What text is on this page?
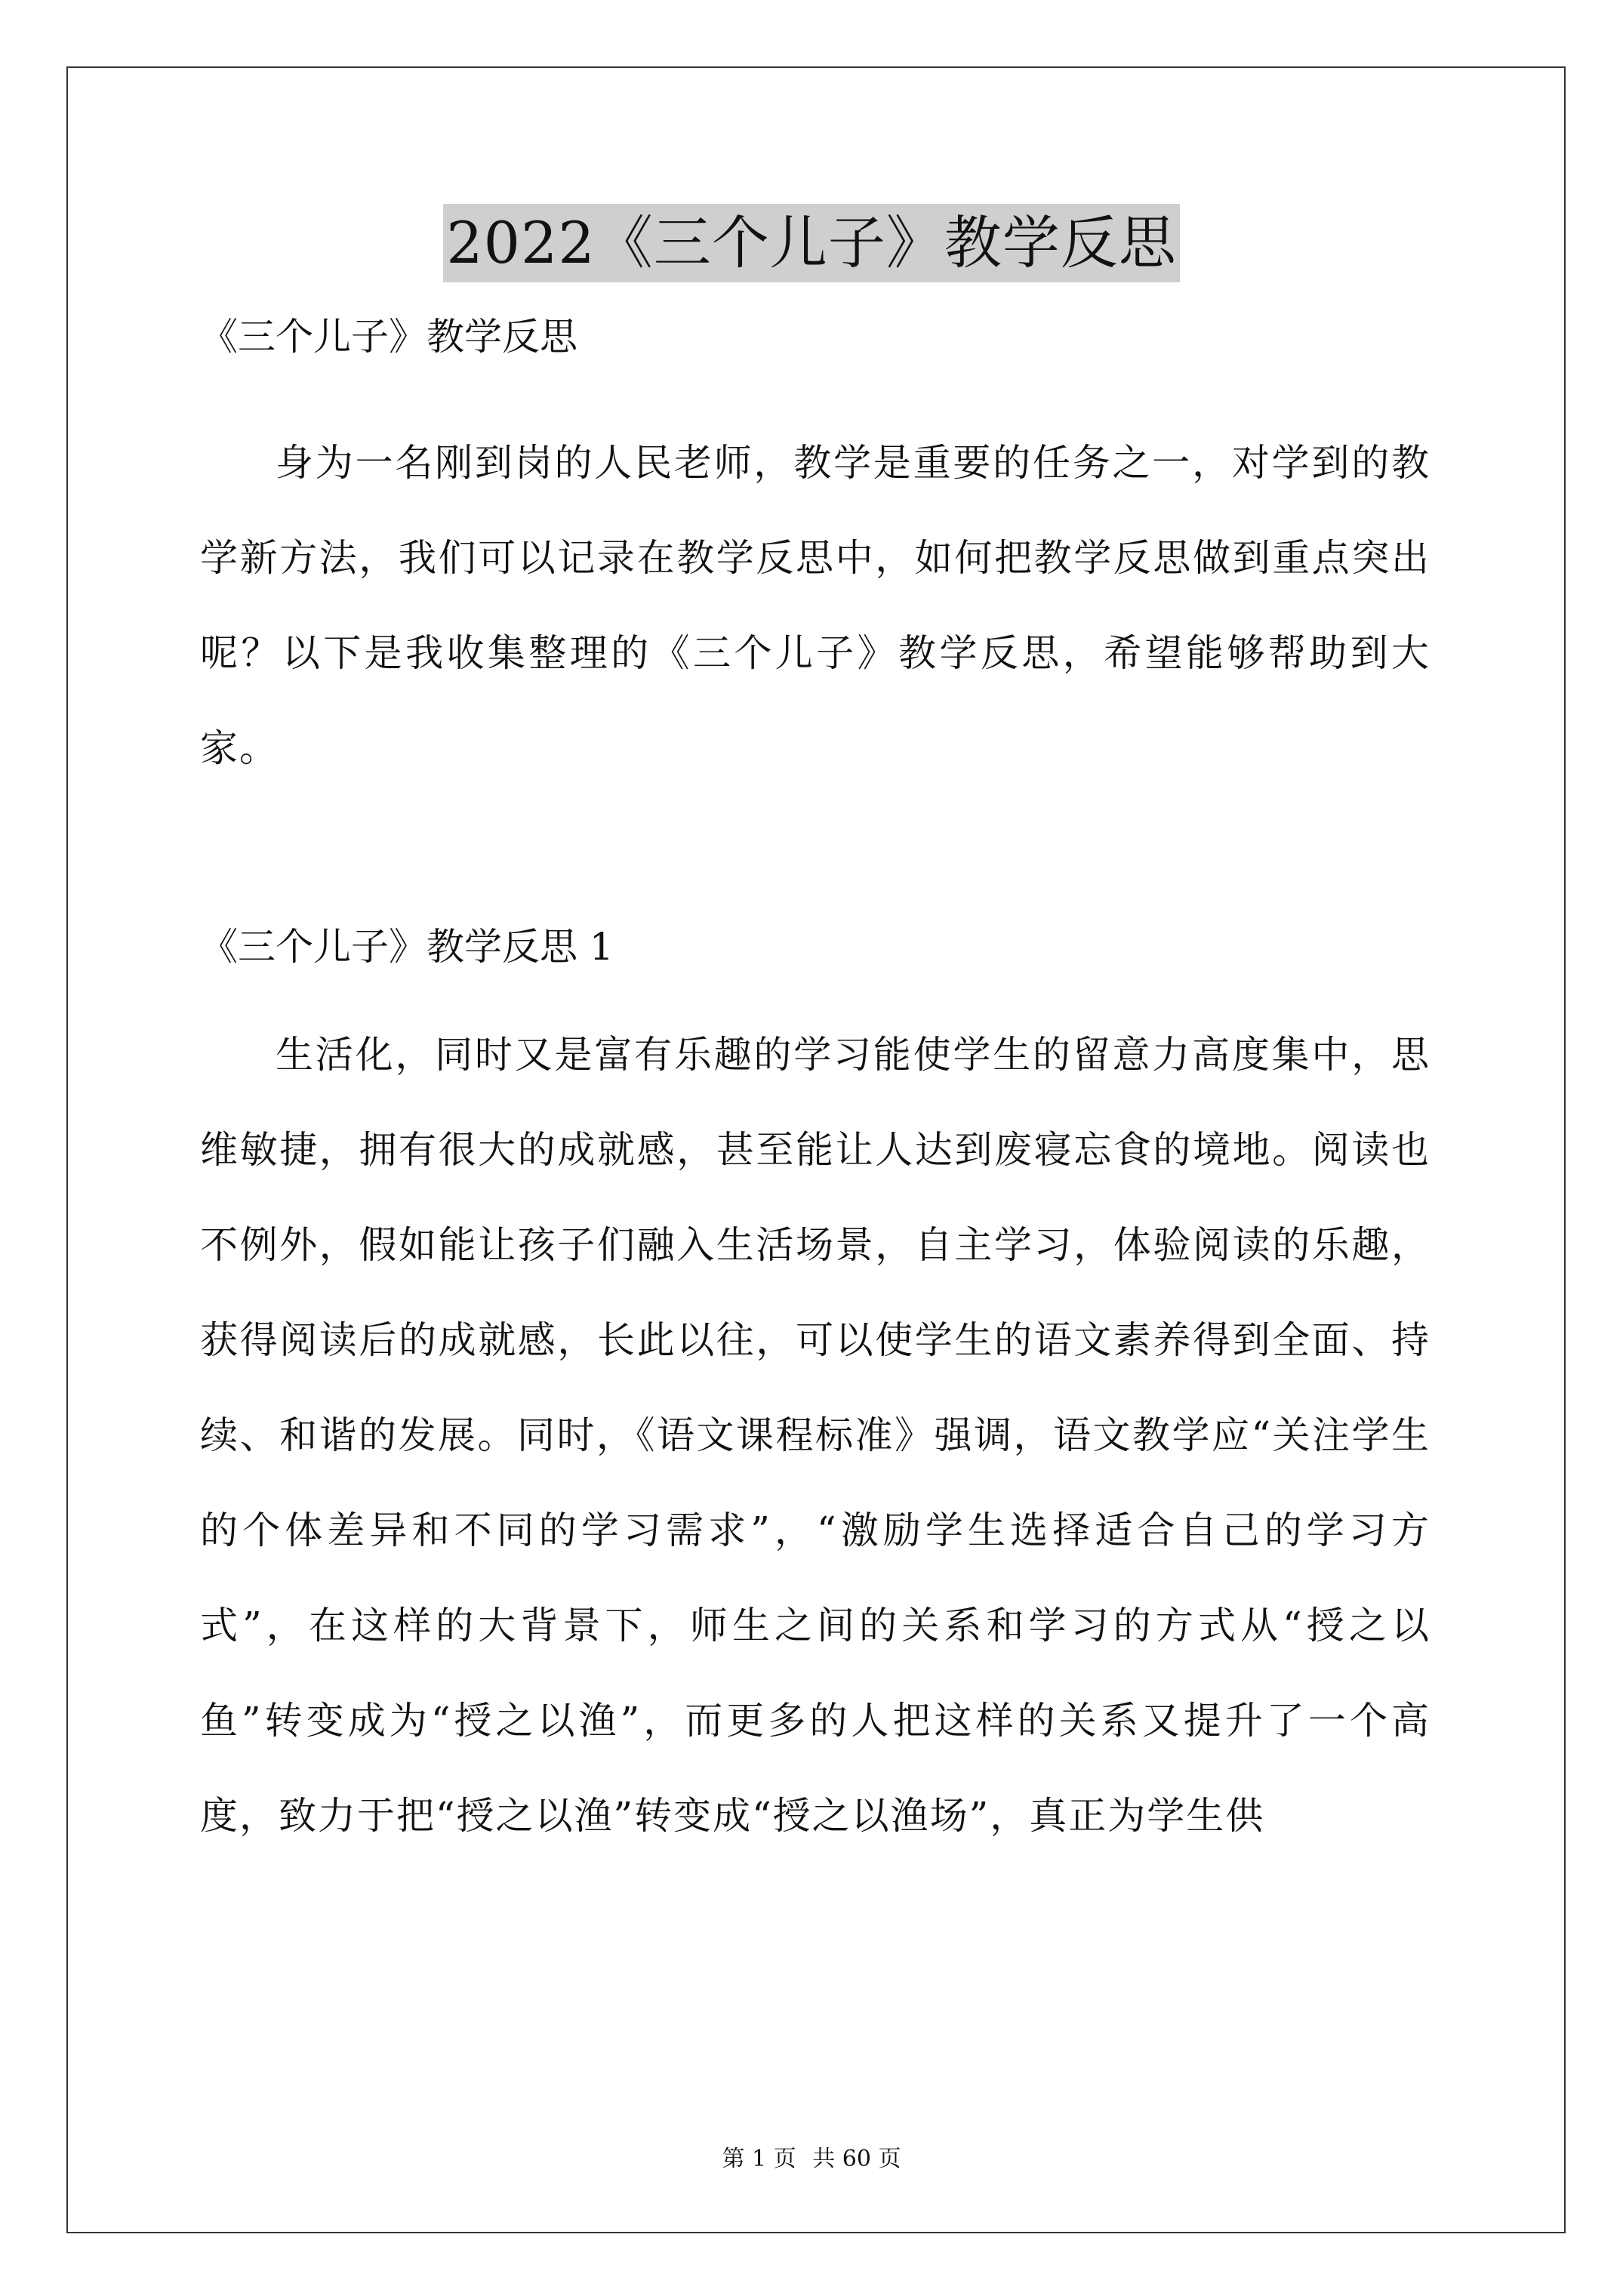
2022《三个儿子》教学反思

《三个儿子》教学反思

身为一名刚到岗的人民老师，教学是重要的任务之一，对学到的教学新方法，我们可以记录在教学反思中，如何把教学反思做到重点突出呢？以下是我收集整理的《三个儿子》教学反思，希望能够帮助到大家。

《三个儿子》教学反思 1

生活化，同时又是富有乐趣的学习能使学生的留意力高度集中，思维敏捷，拥有很大的成就感，甚至能让人达到废寝忘食的境地。阅读也不例外，假如能让孩子们融入生活场景，自主学习，体验阅读的乐趣，获得阅读后的成就感，长此以往，可以使学生的语文素养得到全面、持续、和谐的发展。同时，《语文课程标准》强调，语文教学应“关注学生的个体差异和不同的学习需求”，“激励学生选择适合自己的学习方式”，在这样的大背景下，师生之间的关系和学习的方式从“授之以鱼”转变成为“授之以渔”，而更多的人把这样的关系又提升了一个高度，致力于把“授之以渔”转变成“授之以渔场”，真正为学生供

第 1 页 共 60 页
